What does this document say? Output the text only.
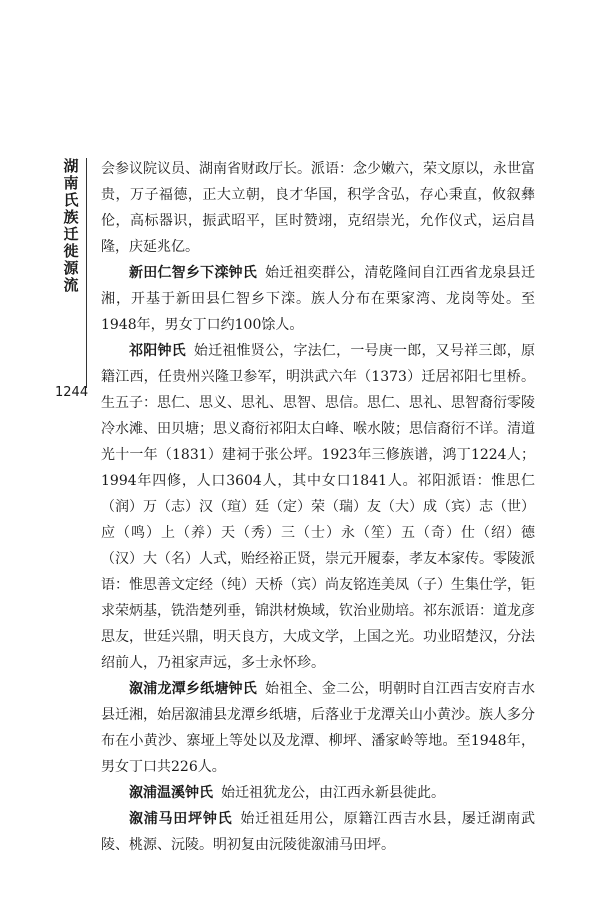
湖南氏族迁徙源流
1244

会参议院议员、湖南省财政厅长。派语：念少嫩六，荣文原以，永世富贵，万子福德，正大立朝，良才华国，积学含弘，存心秉直，攸叙彝伦，高标器识，振武昭平，匡时赞翊，克绍崇光，允作仪式，运启昌隆，庆延兆亿。

新田仁智乡下滦钟氏 始迁祖奕群公，清乾隆间自江西省龙泉县迁湘，开基于新田县仁智乡下滦。族人分布在栗家湾、龙岗等处。至1948年，男女丁口约100馀人。

祁阳钟氏 始迁祖惟贤公，字法仁，一号庚一郎，又号祥三郎，原籍江西，任贵州兴隆卫参军，明洪武六年（1373）迁居祁阳七里桥。生五子：思仁、思义、思礼、思智、思信。思仁、思礼、思智裔衍零陵冷水滩、田贝塘；思义裔衍祁阳太白峰、喉水陂；思信裔衍不详。清道光十一年（1831）建祠于张公坪。1923年三修族谱，鸿丁1224人；1994年四修，人口3604人，其中女口1841人。祁阳派语：惟思仁（润）万（志）汉（瑄）廷（定）荣（瑞）友（大）成（宾）志（世）应（鸣）上（养）天（秀）三（士）永（笙）五（奇）仕（绍）德（汉）大（名）人式，贻经裕正贤，崇元开履泰，孝友本家传。零陵派语：惟思善文定经（纯）天桥（宾）尚友铭连美凤（子）生集仕学，钜求荣炳基，铣浩楚列垂，锦洪材焕域，钦治业勋培。祁东派语：道龙彦思友，世廷兴鼎，明天良方，大成文学，上国之光。功业昭楚汉，分法绍前人，乃祖家声远，多士永怀珍。

溆浦龙潭乡纸塘钟氏 始祖全、金二公，明朝时自江西吉安府吉水县迁湘，始居溆浦县龙潭乡纸塘，后落业于龙潭关山小黄沙。族人多分布在小黄沙、寨垭上等处以及龙潭、柳坪、潘家岭等地。至1948年，男女丁口共226人。

溆浦温溪钟氏 始迁祖犹龙公，由江西永新县徙此。

溆浦马田坪钟氏 始迁祖廷用公，原籍江西吉水县，屡迁湖南武陵、桃源、沅陵。明初复由沅陵徙溆浦马田坪。
